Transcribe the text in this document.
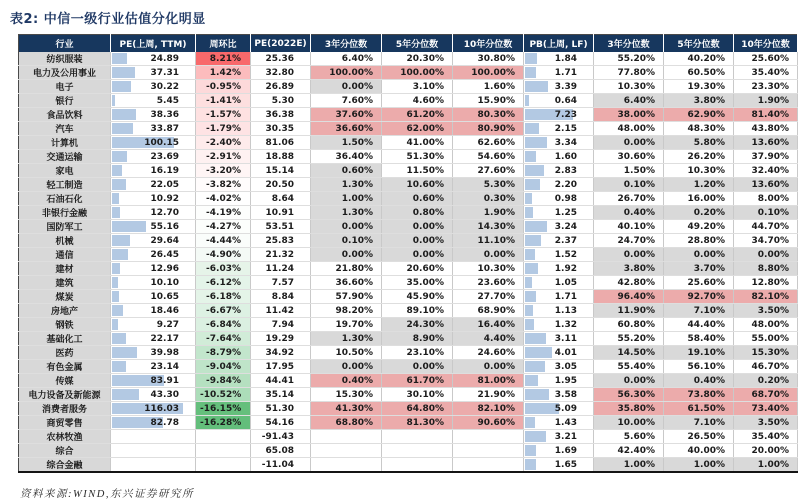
表2: 中信一级行业估值分化明显
行业	PE(上周, TTM)	周环比	PE(2022E)	3年分位数	5年分位数	10年分位数	PB(上周, LF)	3年分位数	5年分位数	10年分位数
纺织服装	24.89	8.21%	25.36	6.40%	20.30%	30.80%	1.84	55.20%	40.20%	25.60%
电力及公用事业	37.31	1.42%	32.80	100.00%	100.00%	100.00%	1.71	77.80%	60.50%	35.40%
电子	30.22	-0.95%	26.89	0.00%	3.10%	1.60%	3.39	10.30%	19.30%	23.30%
银行	5.45	-1.41%	5.30	7.60%	4.60%	15.90%	0.64	6.40%	3.80%	1.90%
食品饮料	38.36	-1.57%	36.38	37.60%	61.20%	80.30%	7.23	38.00%	62.90%	81.40%
汽车	33.87	-1.79%	30.35	36.60%	62.00%	80.90%	2.15	48.00%	48.30%	43.80%
计算机	100.15	-2.40%	81.06	1.50%	41.00%	62.60%	3.34	0.00%	5.80%	13.60%
交通运输	23.69	-2.91%	18.88	36.40%	51.30%	54.60%	1.60	30.60%	26.20%	37.90%
家电	16.19	-3.20%	15.14	0.60%	11.50%	27.60%	2.83	1.50%	10.30%	32.40%
轻工制造	22.05	-3.82%	20.50	1.30%	10.60%	5.30%	2.20	0.10%	1.20%	13.60%
石油石化	10.92	-4.02%	8.64	1.00%	0.60%	0.30%	0.98	26.70%	16.00%	8.00%
非银行金融	12.70	-4.19%	10.91	1.30%	0.80%	1.90%	1.25	0.40%	0.20%	0.10%
国防军工	55.16	-4.27%	53.51	0.00%	0.00%	14.30%	3.24	40.10%	49.20%	44.70%
机械	29.64	-4.44%	25.83	0.10%	0.00%	11.10%	2.37	24.70%	28.80%	34.70%
通信	26.45	-4.90%	21.32	0.00%	0.00%	0.00%	1.52	0.00%	0.00%	0.00%
建材	12.96	-6.03%	11.24	21.80%	20.60%	10.30%	1.92	3.80%	3.70%	8.80%
建筑	10.10	-6.12%	7.57	36.60%	35.00%	23.60%	1.05	42.80%	25.60%	12.80%
煤炭	10.65	-6.18%	8.84	57.90%	45.90%	27.70%	1.71	96.40%	92.70%	82.10%
房地产	18.46	-6.67%	11.42	98.20%	89.10%	68.90%	1.13	11.90%	7.10%	3.50%
钢铁	9.27	-6.84%	7.94	19.70%	24.30%	16.40%	1.32	60.80%	44.40%	48.00%
基础化工	22.17	-7.64%	19.29	1.30%	8.90%	4.40%	3.11	55.20%	58.40%	55.00%
医药	39.98	-8.79%	34.92	10.50%	23.10%	24.60%	4.01	14.50%	19.10%	15.30%
有色金属	23.14	-9.04%	17.95	0.00%	0.00%	0.00%	3.05	55.40%	56.10%	46.70%
传媒	83.91	-9.84%	44.41	0.40%	61.70%	81.00%	1.95	0.00%	0.40%	0.20%
电力设备及新能源	43.30	-10.52%	35.14	15.30%	30.10%	21.90%	3.58	56.30%	73.80%	68.70%
消费者服务	116.03	-16.15%	51.30	41.30%	64.80%	82.10%	5.09	35.80%	61.50%	73.40%
商贸零售	82.78	-16.28%	54.16	68.80%	81.30%	90.60%	1.43	10.00%	7.10%	3.50%
农林牧渔			-91.43				3.21	5.60%	26.50%	35.40%
综合			65.08				1.69	42.40%	40.00%	20.00%
综合金融			-11.04				1.65	1.00%	1.00%	1.00%
资料来源:WIND,东兴证券研究所
